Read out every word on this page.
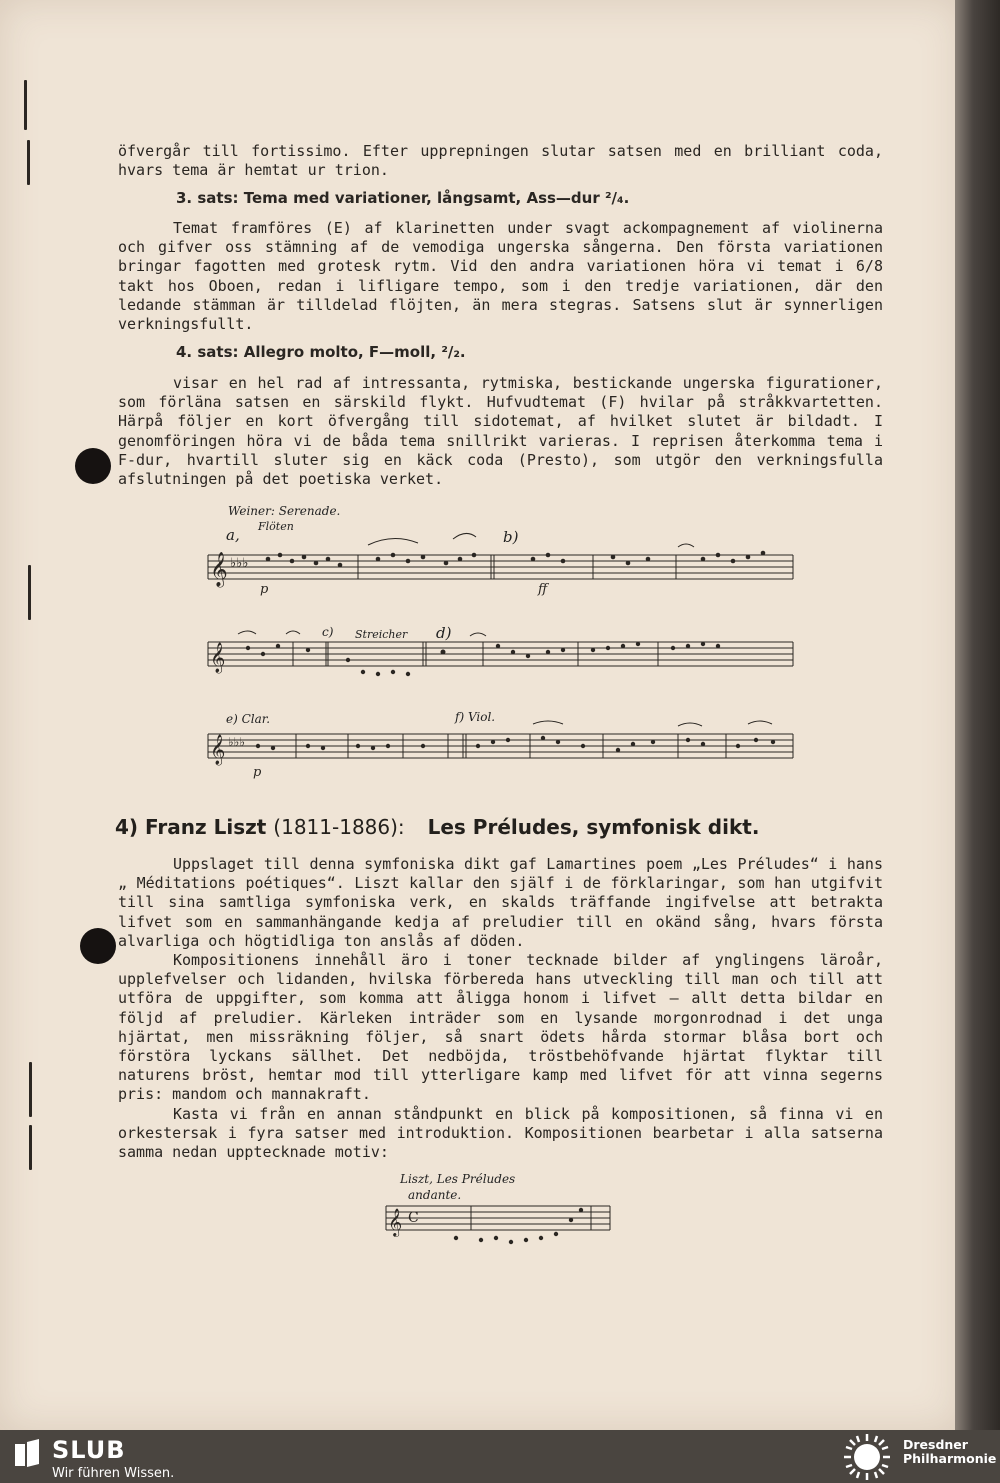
öfvergår till fortissimo. Efter upprepningen slutar satsen med en brilliant coda, hvars tema är hemtat ur trion.

3. sats: Tema med variationer, långsamt, Ass—dur ²/₄.

Temat framföres (E) af klarinetten under svagt ackompagnement af violinerna och gifver oss stämning af de vemodiga ungerska sångerna. Den första variationen bringar fagotten med grotesk rytm. Vid den andra variationen höra vi temat i 6/8 takt hos Oboen, redan i lifligare tempo, som i den tredje variationen, där den ledande stämman är tilldelad flöjten, än mera stegras. Satsens slut är synnerligen verkningsfullt.

4. sats: Allegro molto, F—moll, ²/₂.

visar en hel rad af intressanta, rytmiska, bestickande ungerska figurationer, som förläna satsen en särskild flykt. Hufvudtemat (F) hvilar på stråkkvartetten. Härpå följer en kort öfvergång till sidotemat, af hvilket slutet är bildadt. I genomföringen höra vi de båda tema snillrikt varieras. I reprisen återkomma tema i F-dur, hvartill sluter sig en käck coda (Presto), som utgör den verkningsfulla afslutningen på det poetiska verket.

Weiner: Serenade.
a, Flöten
b)
𝄞 ♭♭♭
p	ff
c) Streicher d)
𝄞
e) Clar.	f) Viol.
𝄞 ♭♭♭
p
4) Franz Liszt (1811-1886): Les Préludes, symfonisk dikt.

Uppslaget till denna symfoniska dikt gaf Lamartines poem „Les Préludes“ i hans „ Méditations poétiques“. Liszt kallar den själf i de förklaringar, som han utgifvit till sina samtliga symfoniska verk, en skalds träffande ingifvelse att betrakta lifvet som en sammanhängande kedja af preludier till en okänd sång, hvars första alvarliga och högtidliga ton anslås af döden.

Kompositionens innehåll äro i toner tecknade bilder af ynglingens läroår, upplefvelser och lidanden, hvilska förbereda hans utveckling till man och till att utföra de uppgifter, som komma att åligga honom i lifvet — allt detta bildar en följd af preludier. Kärleken inträder som en lysande morgonrodnad i det unga hjärtat, men missräkning följer, så snart ödets hårda stormar blåsa bort och förstöra lyckans sällhet. Det nedböjda, tröstbehöfvande hjärtat flyktar till naturens bröst, hemtar mod till ytterligare kamp med lifvet för att vinna segerns pris: mandom och mannakraft.

Kasta vi från en annan ståndpunkt en blick på kompositionen, så finna vi en orkestersak i fyra satser med introduktion. Kompositionen bearbetar i alla satserna samma nedan upptecknade motiv:

Liszt, Les Préludes
andante.
𝄞 C
SLUB
Wir führen Wissen.
Dresdner
Philharmonie
